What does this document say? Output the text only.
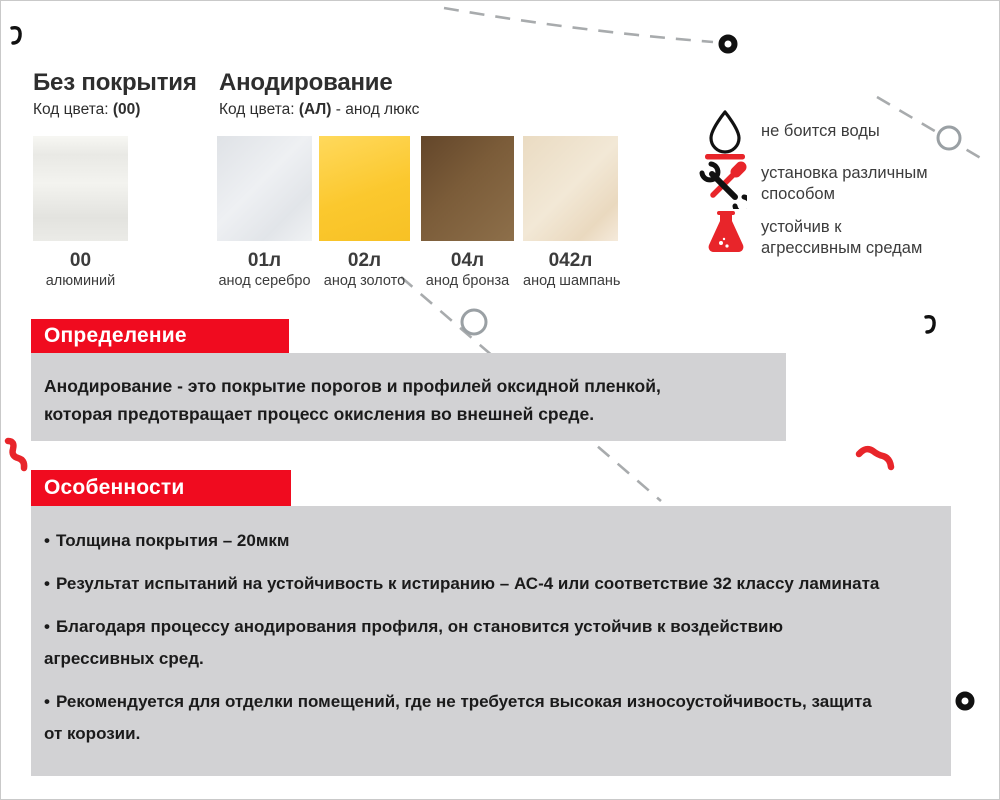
Без покрытия
Код цвета: (00)
Анодирование
Код цвета: (АЛ) - анод люкс
00
алюминий
01л
анод серебро
02л
анод золото
04л
анод бронза
042л
анод шампань
не боится воды
установка различным
способом
устойчив к
агрессивным средам
Определение

Анодирование - это покрытие порогов и профилей оксидной пленкой, которая предотвращает процесс окисления во внешней среде.

Особенности
• Толщина покрытия – 20мкм
• Результат испытаний на устойчивость к истиранию – АС-4 или соответствие 32 классу ламината
• Благодаря процессу анодирования профиля, он становится устойчив к воздействию агрессивных сред.
• Рекомендуется для отделки помещений, где не требуется высокая износоустойчивость, защита от корозии.
